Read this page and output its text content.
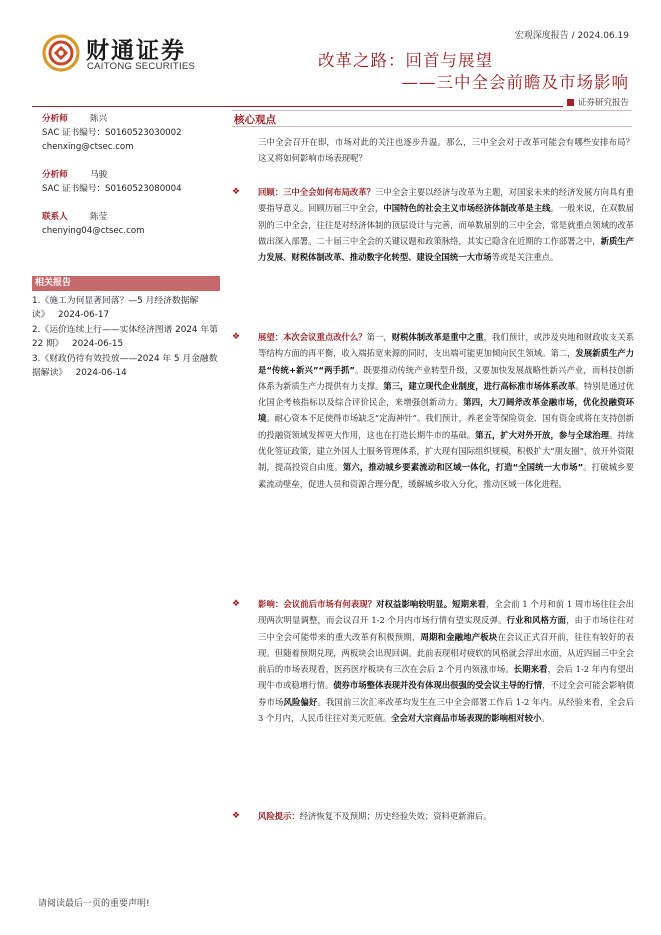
财通证券
CAITONG SECURITIES
宏观深度报告 / 2024.06.19
改革之路：回首与展望
——三中全会前瞻及市场影响
证券研究报告
分析师	陈兴
SAC 证书编号：S0160523030002
chenxing@ctsec.com
分析师	马骏
SAC 证书编号：S0160523080004
联系人	陈莹
chenying04@ctsec.com
相关报告
1.《施工为何显著回落？—5 月经济数据解读》 2024-06-17
2.《运价连续上行——实体经济图谱 2024 年第 22 期》 2024-06-15
3.《财政仍待有效投放——2024 年 5 月金融数据解读》 2024-06-14
核心观点
三中全会召开在即，市场对此的关注也逐步升温。那么，三中全会对于改革可能会有哪些安排布局？这又将如何影响市场表现呢？
❖ 回顾：三中全会如何布局改革？三中全会主要以经济与改革为主题，对国家未来的经济发展方向具有重要指导意义。回顾历届三中全会，中国特色的社会主义市场经济体制改革是主线。一般来说，在双数届别的三中全会，往往是对经济体制的顶层设计与完善，而单数届别的三中全会，常是就重点领域的改革做出深入部署。二十届三中全会的关键议题和政策脉络，其实已隐含在近期的工作部署之中，新质生产力发展、财税体制改革、推动数字化转型、建设全国统一大市场等或是关注重点。

❖ 展望：本次会议重点改什么？第一，财税体制改革是重中之重，我们预计，或涉及央地和财政收支关系等结构方面的再平衡，收入端拓宽来源的同时，支出端可能更加倾向民生领域。第二，发展新质生产力是“传统+新兴”“两手抓”。既要推动传统产业转型升级，又要加快发展战略性新兴产业，而科技创新体系为新质生产力提供有力支撑。第三，建立现代企业制度，进行高标准市场体系改革。特别是通过优化国企考核指标以及综合评价民企，来增强创新动力。第四，大刀阔斧改革金融市场，优化投融资环境。耐心资本不足使得市场缺乏“定海神针”。我们预计，养老金等保险资金、国有资金或将在支持创新的投融资领域发挥更大作用，这也在打造长期牛市的基础。第五，扩大对外开放，参与全球治理。持续优化签证政策，建立外国人士服务管理体系，扩大现有国际组织规模，积极扩大“朋友圈”，放开外资限制，提高投资自由度。第六，推动城乡要素流动和区域一体化，打造“全国统一大市场”。打破城乡要素流动壁垒，促进人员和资源合理分配，缓解城乡收入分化，推动区域一体化进程。

❖ 影响：会议前后市场有何表现？对权益影响较明显。短期来看，全会前 1 个月和前 1 周市场往往会出现两次明显调整，而会议召开 1-2 个月内市场行情有望实现反弹。行业和风格方面，由于市场往往对三中全会可能带来的重大改革有积极预期，周期和金融地产板块在会议正式召开前，往往有较好的表现。但随着预期兑现，两板块会出现回调。此前表现相对疲软的风格就会浮出水面，从近四届三中全会前后的市场表现看，医药医疗板块有三次在会后 2 个月内领涨市场。长期来看，会后 1-2 年内有望出现牛市或稳增行情。债券市场整体表现并没有体现出很强的受会议主导的行情，不过全会可能会影响债券市场风险偏好。我国前三次汇率改革均发生在三中全会部署工作后 1-2 年内。从经验来看，全会后 3 个月内，人民币往往对美元贬值。全会对大宗商品市场表现的影响相对较小。

❖ 风险提示：经济恢复不及预期；历史经验失效；资料更新滞后。

请阅读最后一页的重要声明!
